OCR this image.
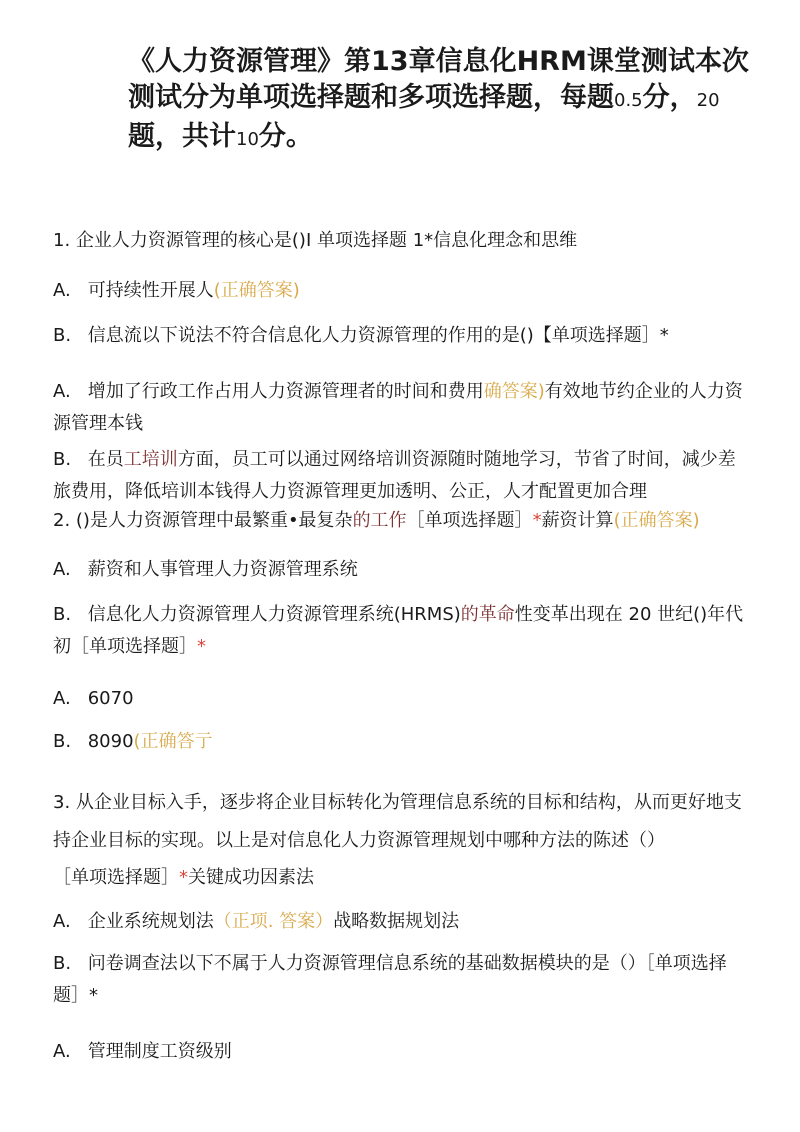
《人力资源管理》第13章信息化HRM课堂测试本次测试分为单项选择题和多项选择题，每题0.5分，20题，共计10分。
1. 企业人力资源管理的核心是()I 单项选择题 1*信息化理念和思维
A. 可持续性开展人(正确答案)
B. 信息流以下说法不符合信息化人力资源管理的作用的是()【单项选择题］*
A. 增加了行政工作占用人力资源管理者的时间和费用确答案)有效地节约企业的人力资源管理本钱
B. 在员工培训方面，员工可以通过网络培训资源随时随地学习，节省了时间，减少差旅费用，降低培训本钱得人力资源管理更加透明、公正，人才配置更加合理
2. ()是人力资源管理中最繁重•最复杂的工作［单项选择题］*薪资计算(正确答案)
A. 薪资和人事管理人力资源管理系统
B. 信息化人力资源管理人力资源管理系统(HRMS)的革命性变革出现在 20 世纪()年代初［单项选择题］*
A. 6070
B. 8090(正确答亍
3. 从企业目标入手，逐步将企业目标转化为管理信息系统的目标和结构，从而更好地支持企业目标的实现。以上是对信息化人力资源管理规划中哪种方法的陈述（）
［单项选择题］*关键成功因素法
A. 企业系统规划法（正项. 答案）战略数据规划法
B. 问卷调查法以下不属于人力资源管理信息系统的基础数据模块的是（）［单项选择题］*
A. 管理制度工资级别
